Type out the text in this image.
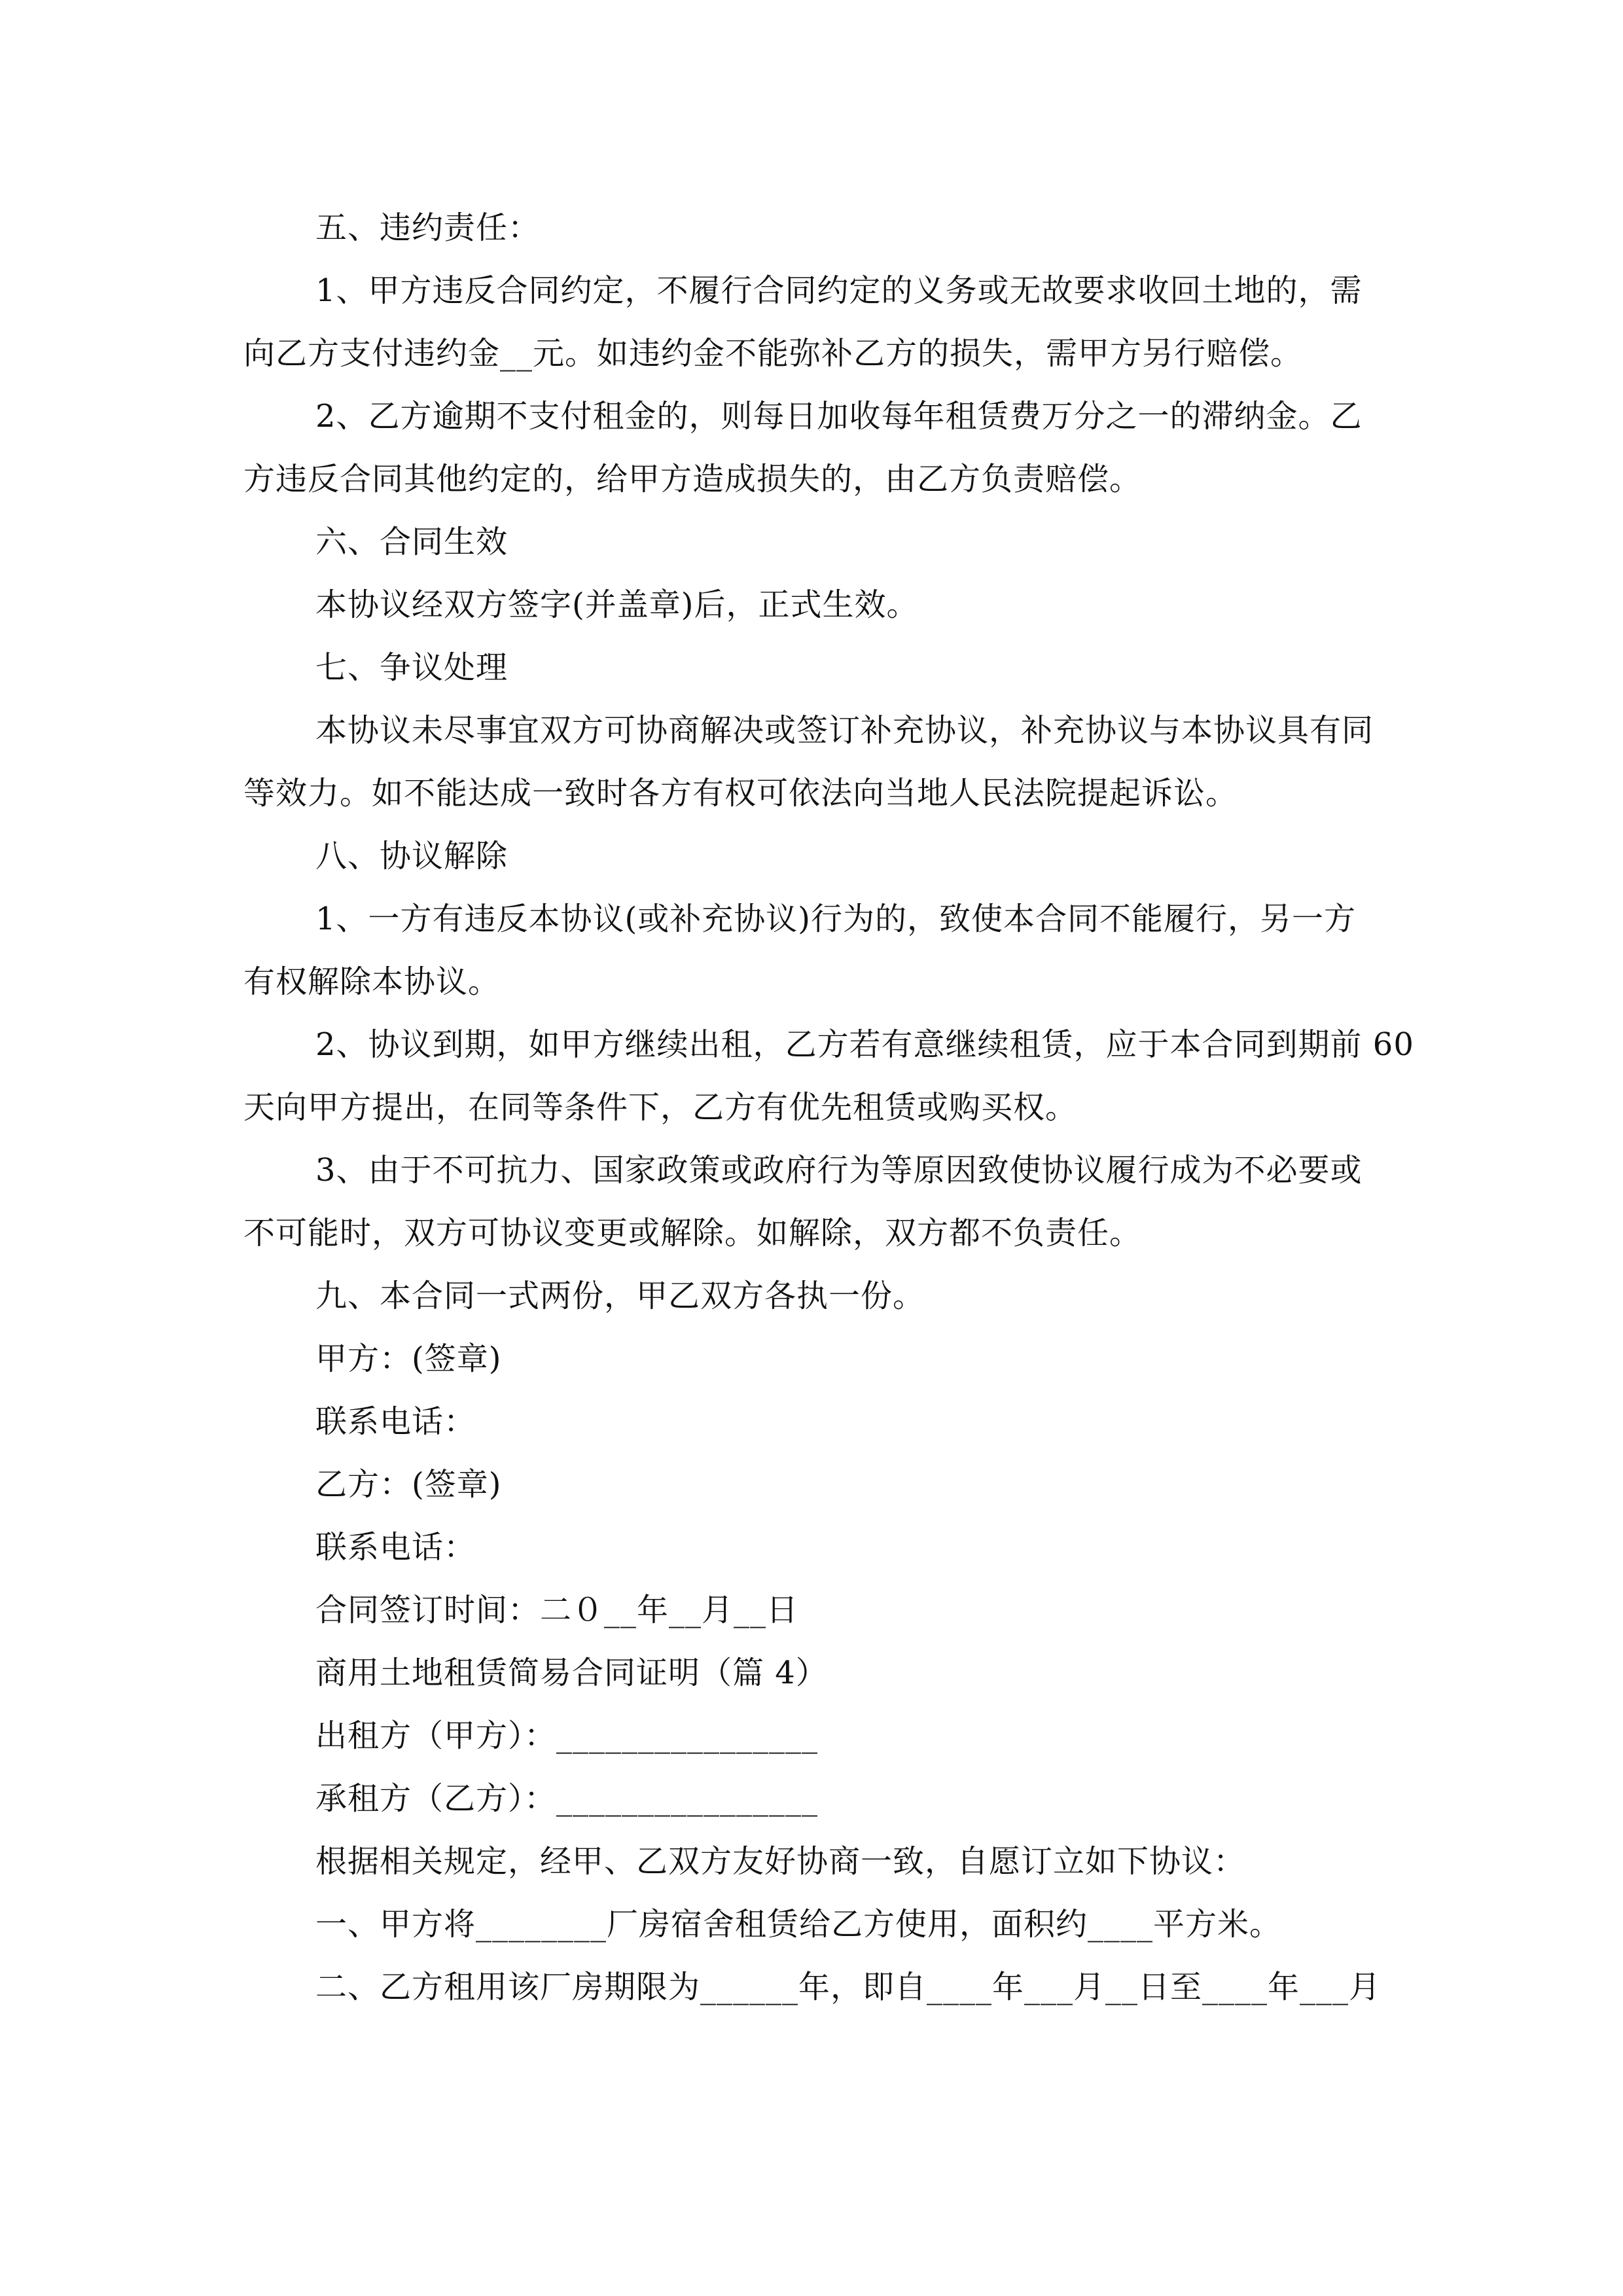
五、违约责任：
1、甲方违反合同约定，不履行合同约定的义务或无故要求收回土地的，需
向乙方支付违约金__元。如违约金不能弥补乙方的损失，需甲方另行赔偿。
2、乙方逾期不支付租金的，则每日加收每年租赁费万分之一的滞纳金。乙
方违反合同其他约定的，给甲方造成损失的，由乙方负责赔偿。
六、合同生效
本协议经双方签字(并盖章)后，正式生效。
七、争议处理
本协议未尽事宜双方可协商解决或签订补充协议，补充协议与本协议具有同
等效力。如不能达成一致时各方有权可依法向当地人民法院提起诉讼。
八、协议解除
1、一方有违反本协议(或补充协议)行为的，致使本合同不能履行，另一方
有权解除本协议。
2、协议到期，如甲方继续出租，乙方若有意继续租赁，应于本合同到期前 60
天向甲方提出，在同等条件下，乙方有优先租赁或购买权。
3、由于不可抗力、国家政策或政府行为等原因致使协议履行成为不必要或
不可能时，双方可协议变更或解除。如解除，双方都不负责任。
九、本合同一式两份，甲乙双方各执一份。
甲方：(签章)
联系电话：
乙方：(签章)
联系电话：
合同签订时间：二０__年__月__日
商用土地租赁简易合同证明（篇 4）
出租方（甲方）：________________
承租方（乙方）：________________
根据相关规定，经甲、乙双方友好协商一致，自愿订立如下协议：
一、甲方将________厂房宿舍租赁给乙方使用，面积约____平方米。
二、乙方租用该厂房期限为______年，即自____年___月__日至____年___月
